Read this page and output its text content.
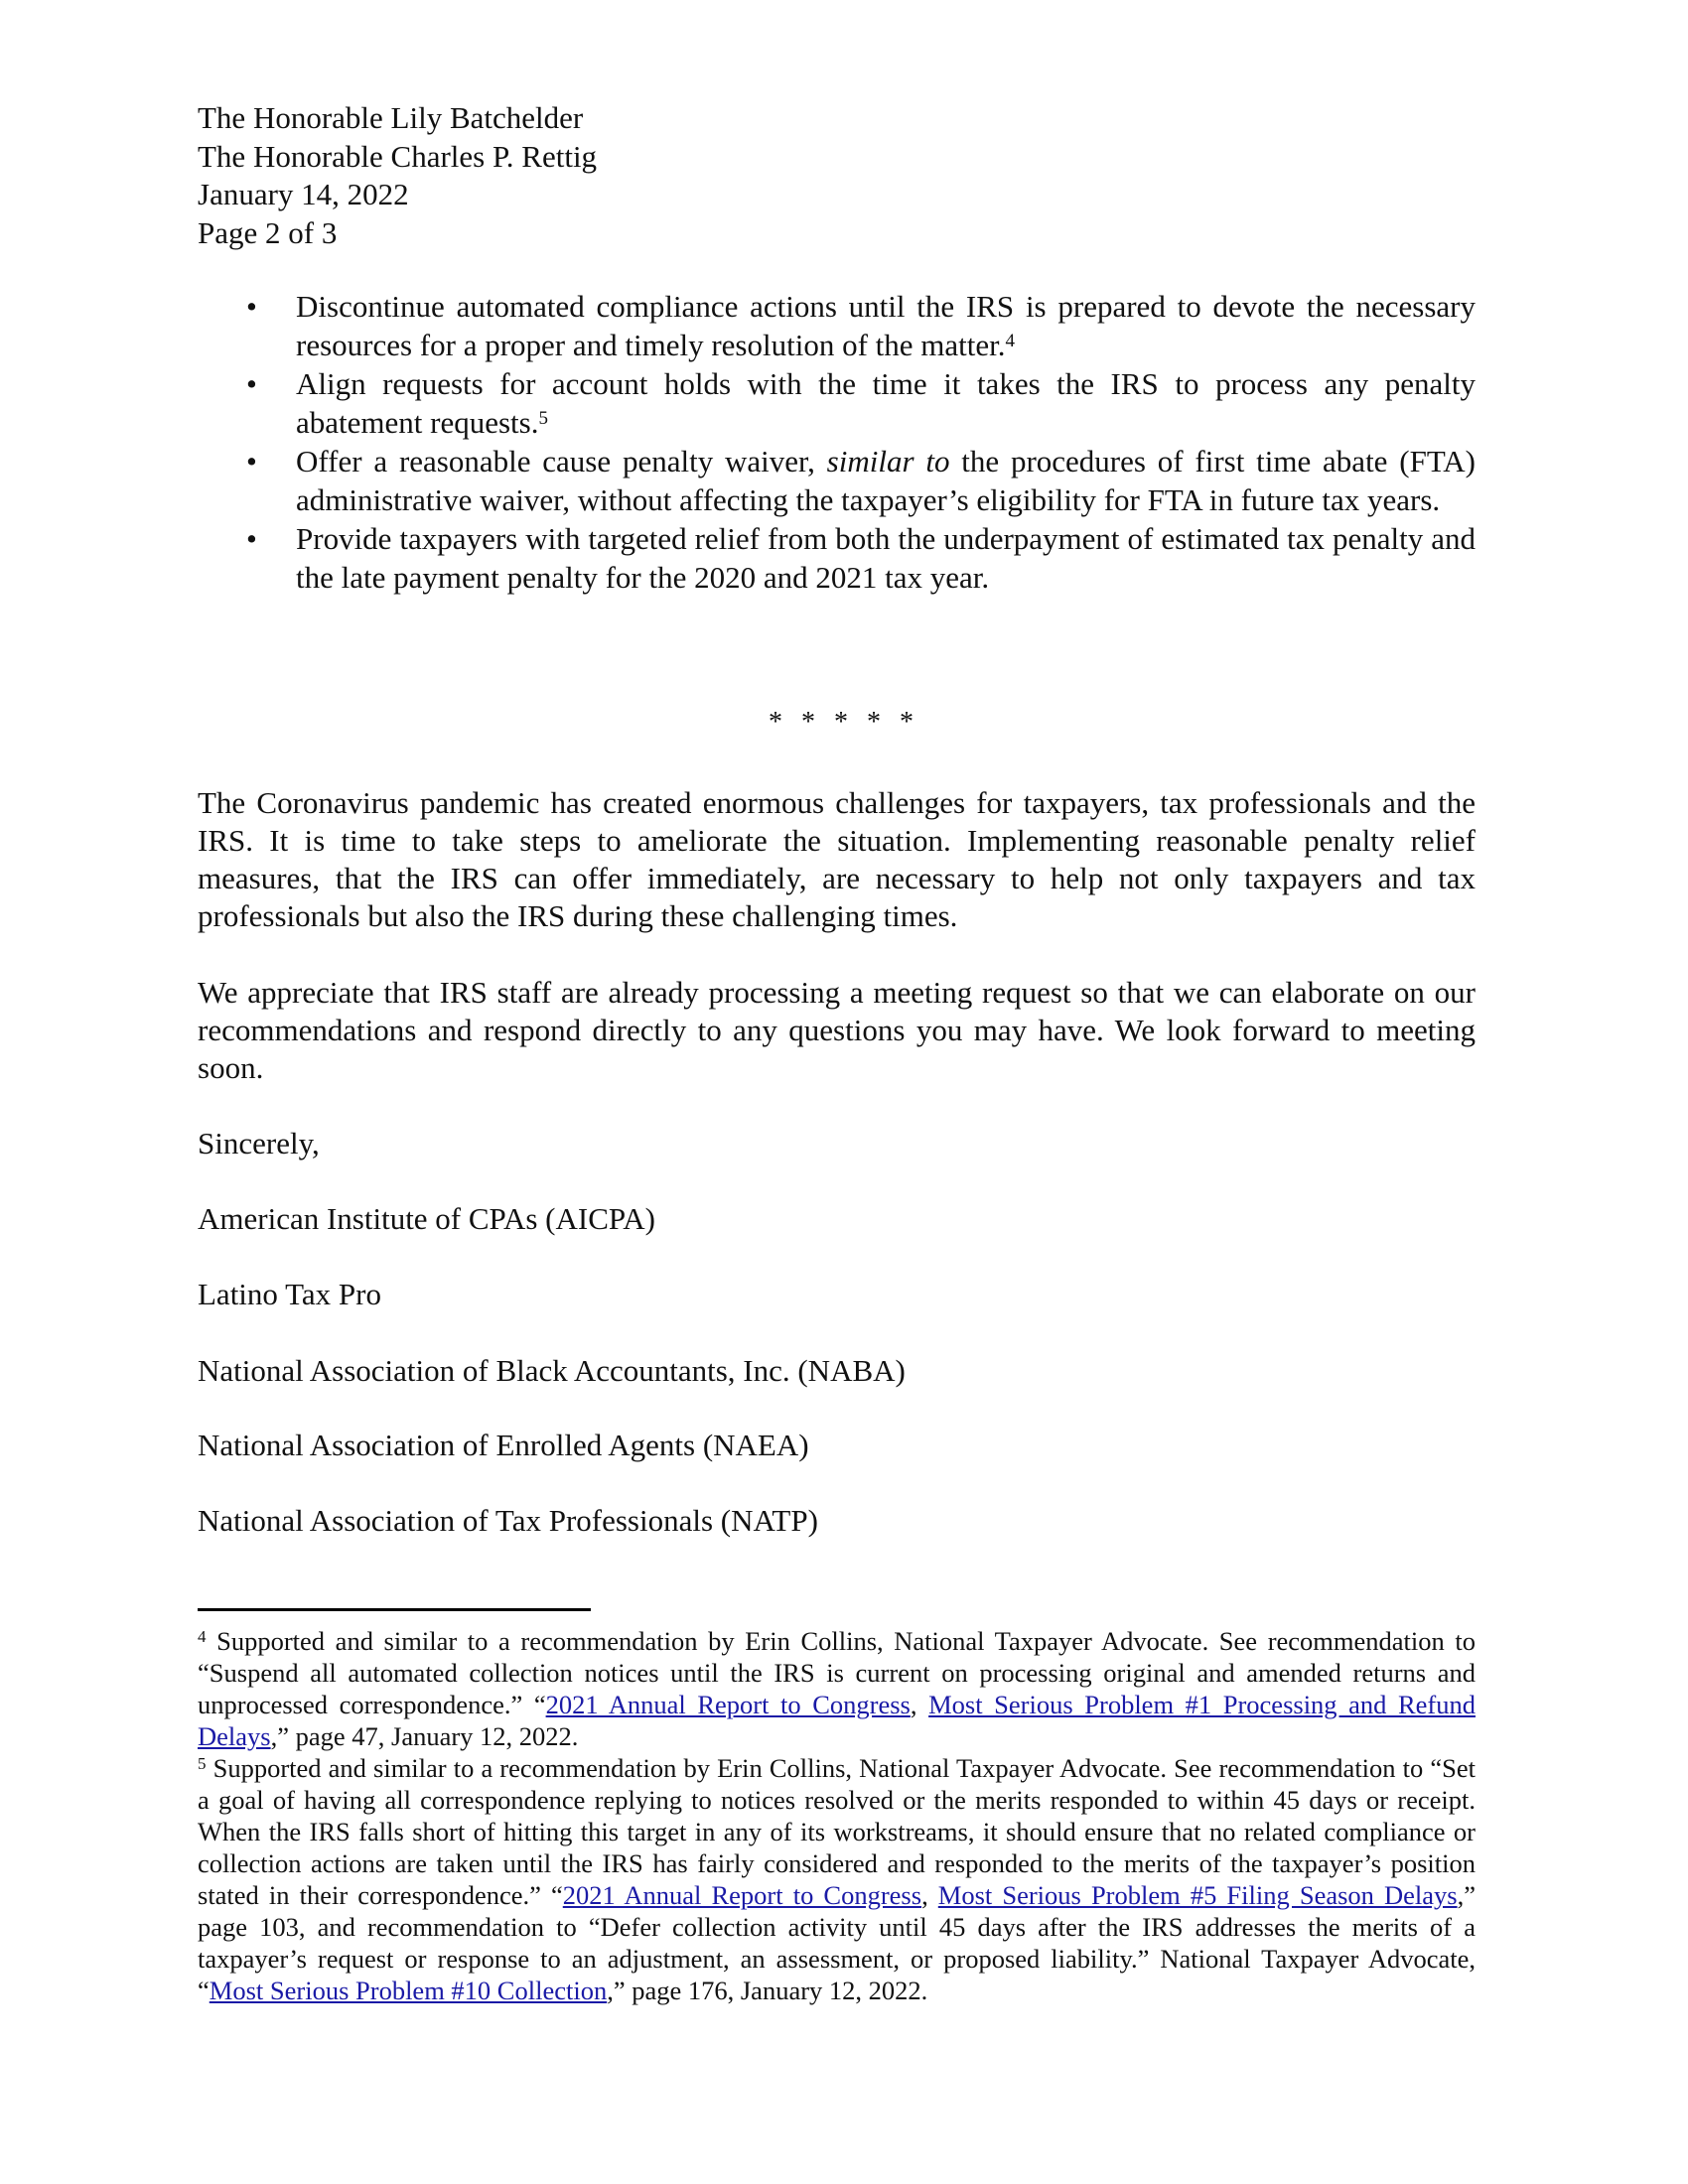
The Honorable Lily Batchelder
The Honorable Charles P. Rettig
January 14, 2022
Page 2 of 3
• Discontinue automated compliance actions until the IRS is prepared to devote the necessary resources for a proper and timely resolution of the matter.$^4$
• Align requests for account holds with the time it takes the IRS to process any penalty abatement requests.$^5$
• Offer a reasonable cause penalty waiver, similar to the procedures of first time abate (FTA) administrative waiver, without affecting the taxpayer’s eligibility for FTA in future tax years.
• Provide taxpayers with targeted relief from both the underpayment of estimated tax penalty and the late payment penalty for the 2020 and 2021 tax year.
* * * * *
The Coronavirus pandemic has created enormous challenges for taxpayers, tax professionals and the IRS. It is time to take steps to ameliorate the situation. Implementing reasonable penalty relief measures, that the IRS can offer immediately, are necessary to help not only taxpayers and tax professionals but also the IRS during these challenging times.
We appreciate that IRS staff are already processing a meeting request so that we can elaborate on our recommendations and respond directly to any questions you may have. We look forward to meeting soon.
Sincerely,
American Institute of CPAs (AICPA)
Latino Tax Pro
National Association of Black Accountants, Inc. (NABA)
National Association of Enrolled Agents (NAEA)
National Association of Tax Professionals (NATP)
$^4$ Supported and similar to a recommendation by Erin Collins, National Taxpayer Advocate. See recommendation to “Suspend all automated collection notices until the IRS is current on processing original and amended returns and unprocessed correspondence.” “2021 Annual Report to Congress, Most Serious Problem #1 Processing and Refund Delays,” page 47, January 12, 2022.
$^5$ Supported and similar to a recommendation by Erin Collins, National Taxpayer Advocate. See recommendation to “Set a goal of having all correspondence replying to notices resolved or the merits responded to within 45 days or receipt. When the IRS falls short of hitting this target in any of its workstreams, it should ensure that no related compliance or collection actions are taken until the IRS has fairly considered and responded to the merits of the taxpayer’s position stated in their correspondence.” “2021 Annual Report to Congress, Most Serious Problem #5 Filing Season Delays,” page 103, and recommendation to “Defer collection activity until 45 days after the IRS addresses the merits of a taxpayer’s request or response to an adjustment, an assessment, or proposed liability.” National Taxpayer Advocate, “Most Serious Problem #10 Collection,” page 176, January 12, 2022.
